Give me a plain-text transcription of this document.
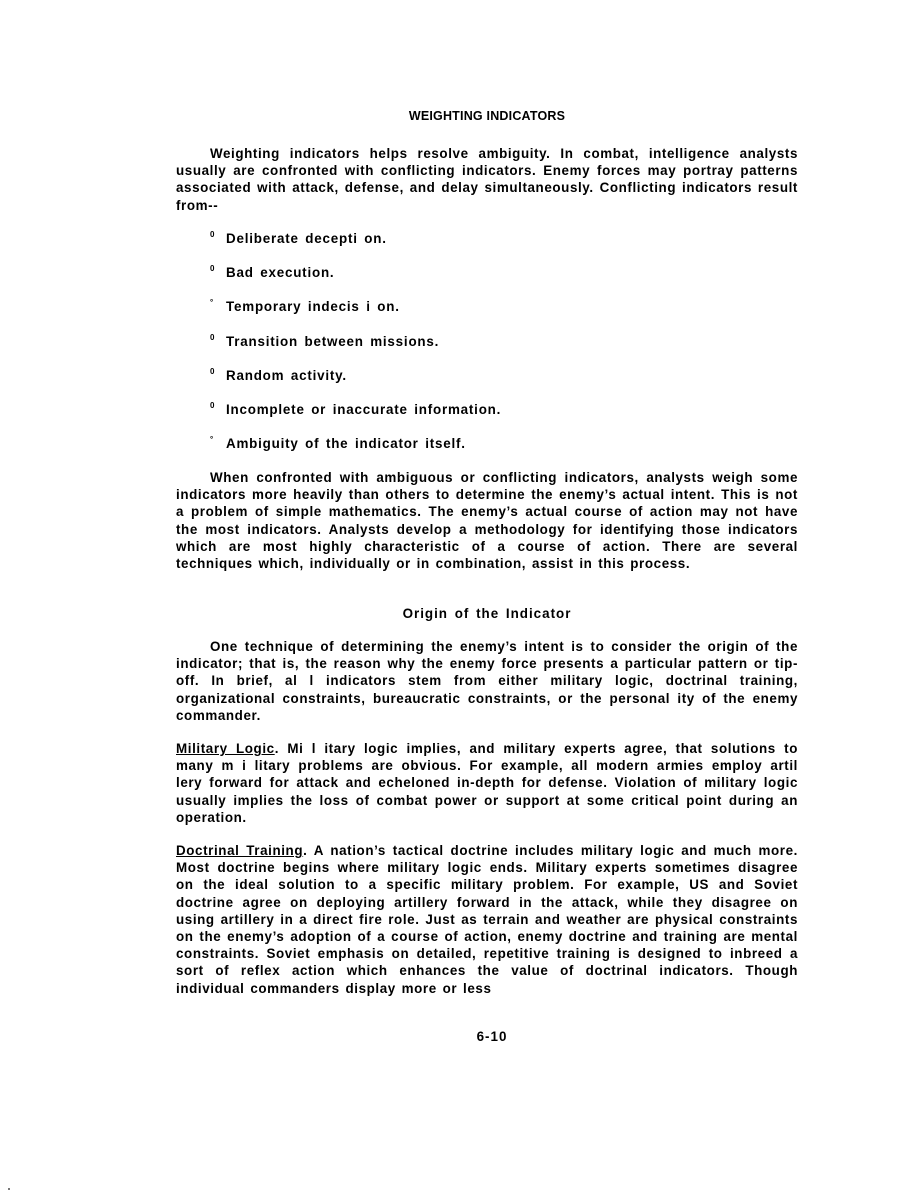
WEIGHTING INDICATORS
Weighting indicators helps resolve ambiguity. In combat, intelligence analysts usually are confronted with conflicting indicators. Enemy forces may portray patterns associated with attack, defense, and delay simultaneously. Conflicting indicators result from--
0 Deliberate decepti on.
0 Bad execution.
° Temporary indecis i on.
0 Transition between missions.
0 Random activity.
0 Incomplete or inaccurate information.
° Ambiguity of the indicator itself.
When confronted with ambiguous or conflicting indicators, analysts weigh some indicators more heavily than others to determine the enemy’s actual intent. This is not a problem of simple mathematics. The enemy’s actual course of action may not have the most indicators. Analysts develop a methodology for identifying those indicators which are most highly characteristic of a course of action. There are several techniques which, individually or in combination, assist in this process.
Origin of the Indicator
One technique of determining the enemy’s intent is to consider the origin of the indicator; that is, the reason why the enemy force presents a particular pattern or tip-off. In brief, al l indicators stem from either military logic, doctrinal training, organizational constraints, bureaucratic constraints, or the personal ity of the enemy commander.
Military Logic. Mi l itary logic implies, and military experts agree, that solutions to many m i litary problems are obvious. For example, all modern armies employ artil lery forward for attack and echeloned in-depth for defense. Violation of military logic usually implies the loss of combat power or support at some critical point during an operation.
Doctrinal Training. A nation’s tactical doctrine includes military logic and much more. Most doctrine begins where military logic ends. Military experts sometimes disagree on the ideal solution to a specific military problem. For example, US and Soviet doctrine agree on deploying artillery forward in the attack, while they disagree on using artillery in a direct fire role. Just as terrain and weather are physical constraints on the enemy’s adoption of a course of action, enemy doctrine and training are mental constraints. Soviet emphasis on detailed, repetitive training is designed to inbreed a sort of reflex action which enhances the value of doctrinal indicators. Though individual commanders display more or less
6-10
